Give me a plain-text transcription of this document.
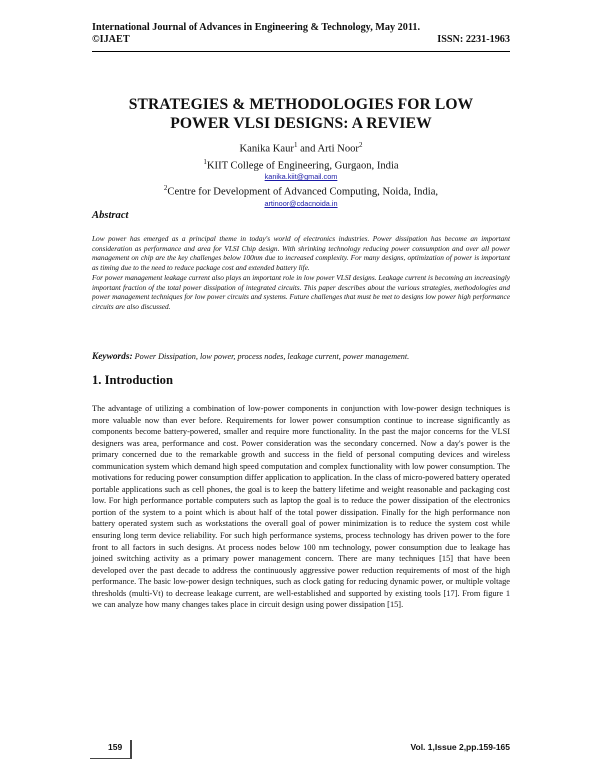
International Journal of Advances in Engineering & Technology, May 2011.
©IJAET	ISSN: 2231-1963
STRATEGIES & METHODOLOGIES FOR LOW
POWER VLSI DESIGNS: A REVIEW
Kanika Kaur$^1$ and Arti Noor$^2$
$^1$KIIT College of Engineering, Gurgaon, India
kanika.kiit@gmail.com
$^2$Centre for Development of Advanced Computing, Noida, India,
artinoor@cdacnoida.in
Abstract

Low power has emerged as a principal theme in today's world of electronics industries. Power dissipation has become an important consideration as performance and area for VLSI Chip design. With shrinking technology reducing power consumption and over all power management on chip are the key challenges below 100nm due to increased complexity. For many designs, optimization of power is important as timing due to the need to reduce package cost and extended battery life.

For power management leakage current also plays an important role in low power VLSI designs. Leakage current is becoming an increasingly important fraction of the total power dissipation of integrated circuits. This paper describes about the various strategies, methodologies and power management techniques for low power circuits and systems. Future challenges that must be met to designs low power high performance circuits are also discussed.

Keywords: Power Dissipation, low power, process nodes, leakage current, power management.
1. Introduction

The advantage of utilizing a combination of low-power components in conjunction with low-power design techniques is more valuable now than ever before. Requirements for lower power consumption continue to increase significantly as components become battery-powered, smaller and require more functionality. In the past the major concerns for the VLSI designers was area, performance and cost. Power consideration was the secondary concerned. Now a day's power is the primary concerned due to the remarkable growth and success in the field of personal computing devices and wireless communication system which demand high speed computation and complex functionality with low power consumption. The motivations for reducing power consumption differ application to application. In the class of micro-powered battery operated portable applications such as cell phones, the goal is to keep the battery lifetime and weight reasonable and packaging cost low. For high performance portable computers such as laptop the goal is to reduce the power dissipation of the electronics portion of the system to a point which is about half of the total power dissipation. Finally for the high performance non battery operated system such as workstations the overall goal of power minimization is to reduce the system cost while ensuring long term device reliability. For such high performance systems, process technology has driven power to the fore front to all factors in such designs. At process nodes below 100 nm technology, power consumption due to leakage has joined switching activity as a primary power management concern. There are many techniques [15] that have been developed over the past decade to address the continuously aggressive power reduction requirements of most of the high performance. The basic low-power design techniques, such as clock gating for reducing dynamic power, or multiple voltage thresholds (multi-Vt) to decrease leakage current, are well-established and supported by existing tools [17]. From figure 1 we can analyze how many changes takes place in circuit design using power dissipation [15].

159	Vol. 1,Issue 2,pp.159-165
